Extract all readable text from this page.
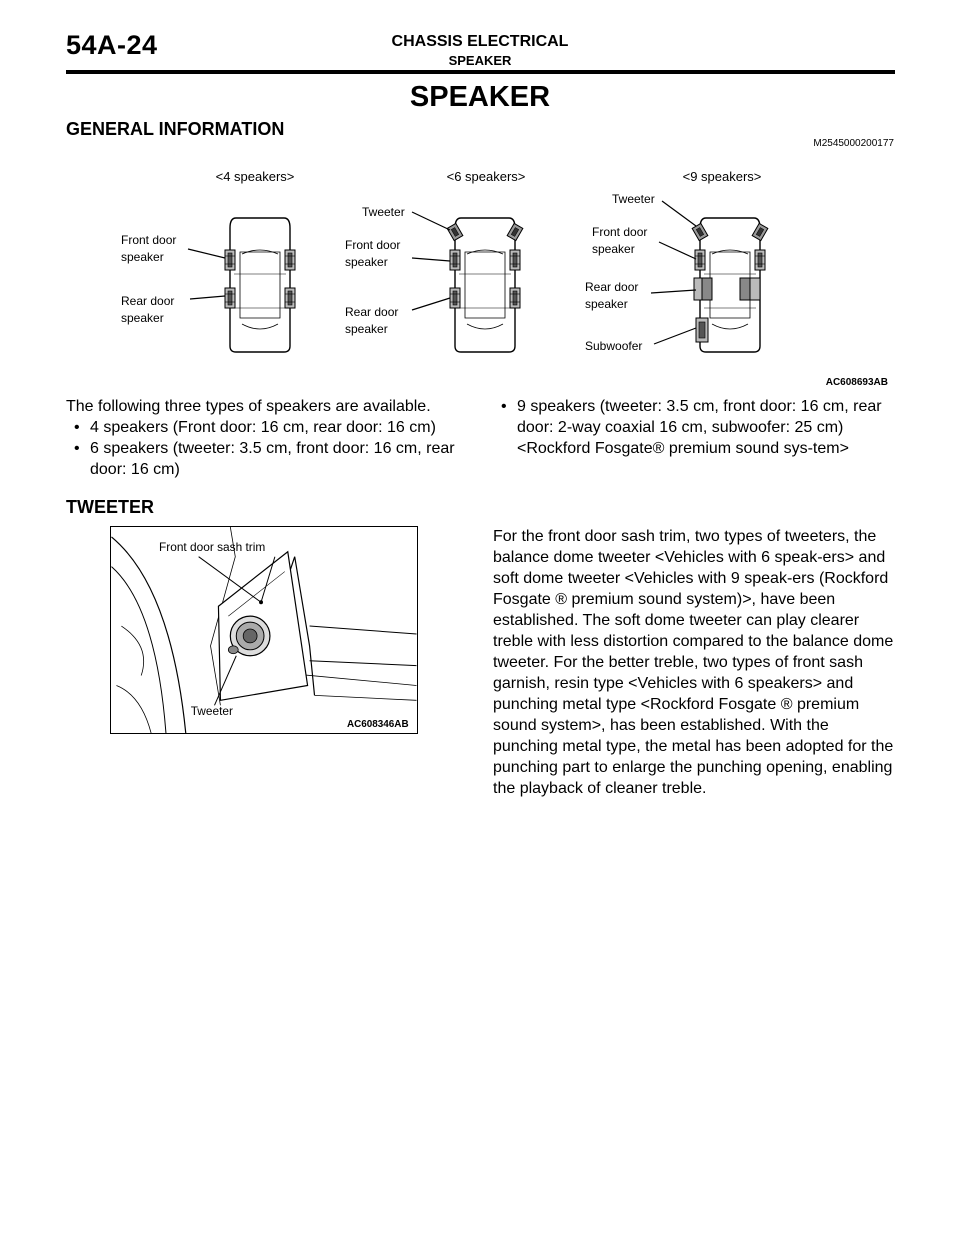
54A-24	CHASSIS ELECTRICAL
SPEAKER
SPEAKER
GENERAL INFORMATION
M2545000200177
<4 speakers>	<6 speakers>	<9 speakers>
Front door speaker
Rear door speaker
Tweeter
Front door speaker
Rear door speaker
Tweeter
Front door speaker
Rear door speaker
Subwoofer
AC608693AB
The following three types of speakers are available.
• 4 speakers (Front door: 16 cm, rear door: 16 cm)
• 6 speakers (tweeter: 3.5 cm, front door: 16 cm, rear door: 16 cm)
• 9 speakers (tweeter: 3.5 cm, front door: 16 cm, rear door: 2-way coaxial 16 cm, subwoofer: 25 cm) <Rockford Fosgate® premium sound sys-tem>
TWEETER
Front door sash trim
Tweeter
AC608346AB
For the front door sash trim, two types of tweeters, the balance dome tweeter <Vehicles with 6 speak-ers> and soft dome tweeter <Vehicles with 9 speak-ers (Rockford Fosgate ® premium sound system)>, have been established. The soft dome tweeter can play clearer treble with less distortion compared to the balance dome tweeter. For the better treble, two types of front sash garnish, resin type <Vehicles with 6 speakers> and punching metal type <Rockford Fosgate ® premium sound system>, has been established. With the punching metal type, the metal has been adopted for the punching part to enlarge the punching opening, enabling the playback of cleaner treble.
